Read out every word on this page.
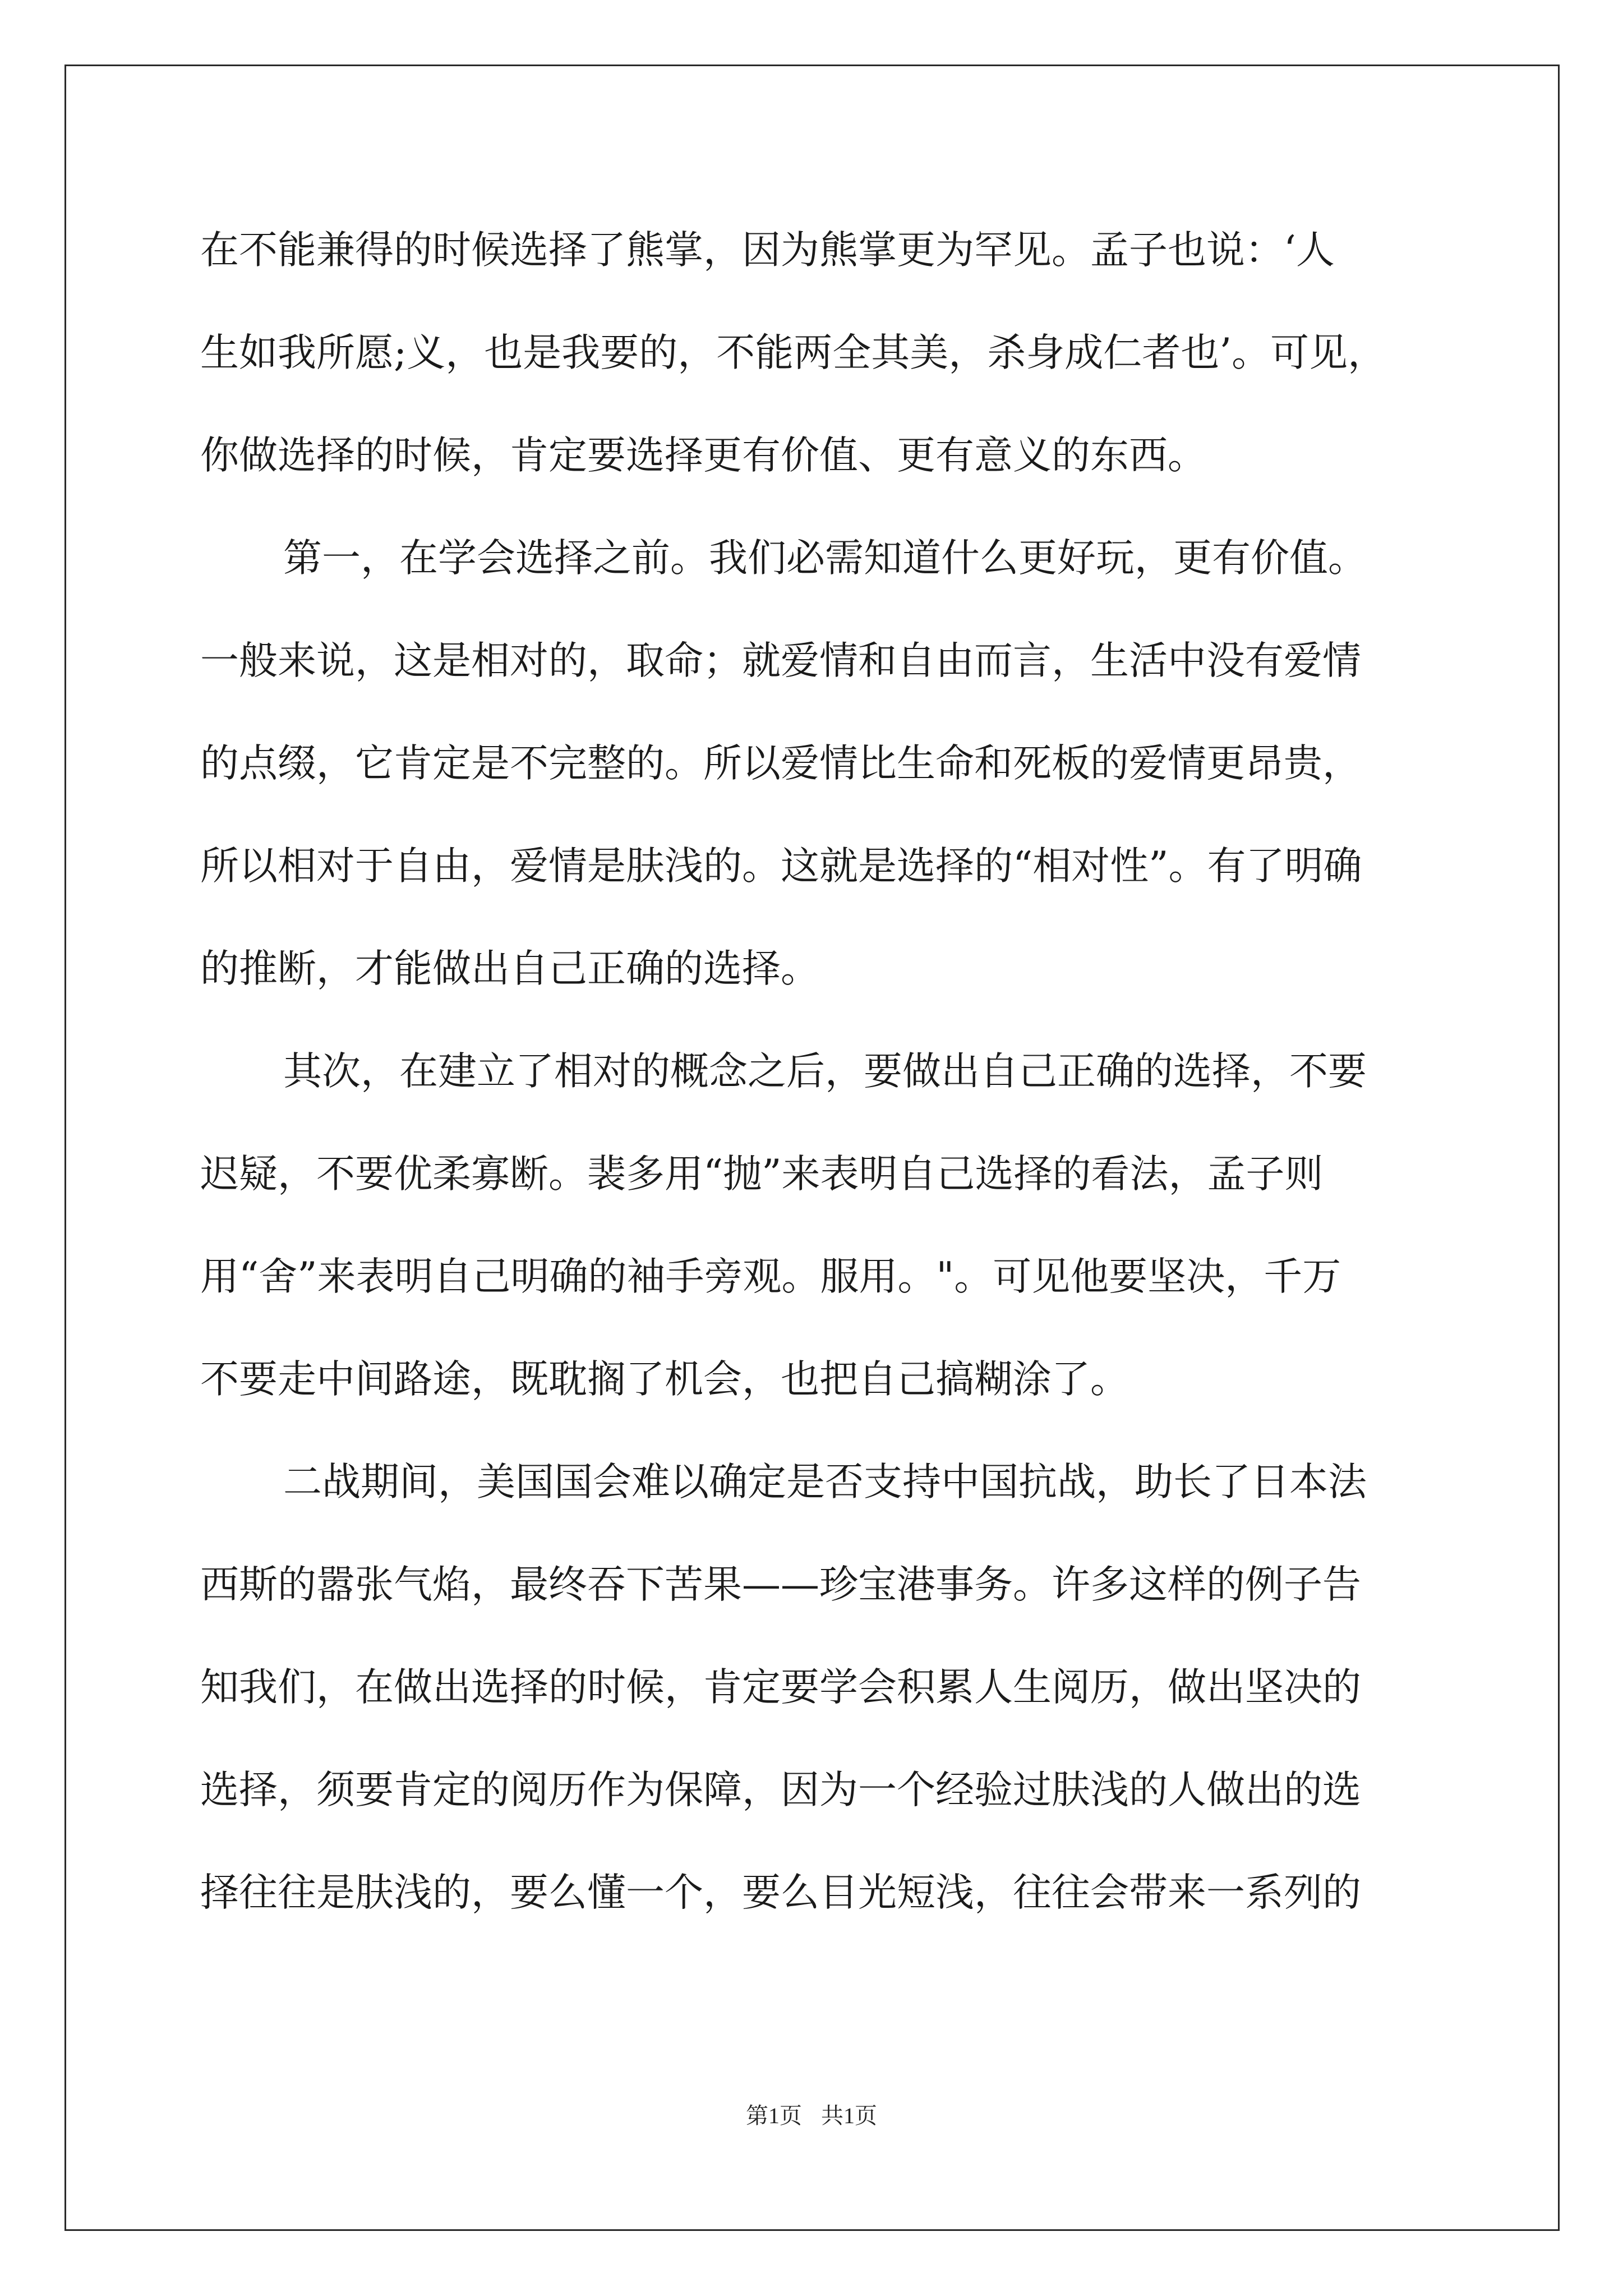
在不能兼得的时候选择了熊掌，因为熊掌更为罕见。孟子也说：‘人
生如我所愿;义，也是我要的，不能两全其美，杀身成仁者也’。可见，
你做选择的时候，肯定要选择更有价值、更有意义的东西。
第一，在学会选择之前。我们必需知道什么更好玩，更有价值。
一般来说，这是相对的，取命；就爱情和自由而言，生活中没有爱情
的点缀，它肯定是不完整的。所以爱情比生命和死板的爱情更昂贵，
所以相对于自由，爱情是肤浅的。这就是选择的“相对性”。有了明确
的推断，才能做出自己正确的选择。
其次，在建立了相对的概念之后，要做出自己正确的选择，不要
迟疑，不要优柔寡断。裴多用“抛”来表明自己选择的看法，孟子则
用“舍”来表明自己明确的袖手旁观。服用。"。可见他要坚决，千万
不要走中间路途，既耽搁了机会，也把自己搞糊涂了。
二战期间，美国国会难以确定是否支持中国抗战，助长了日本法
西斯的嚣张气焰，最终吞下苦果——珍宝港事务。许多这样的例子告
知我们，在做出选择的时候，肯定要学会积累人生阅历，做出坚决的
选择，须要肯定的阅历作为保障，因为一个经验过肤浅的人做出的选
择往往是肤浅的，要么懂一个，要么目光短浅，往往会带来一系列的
第1页 共1页
